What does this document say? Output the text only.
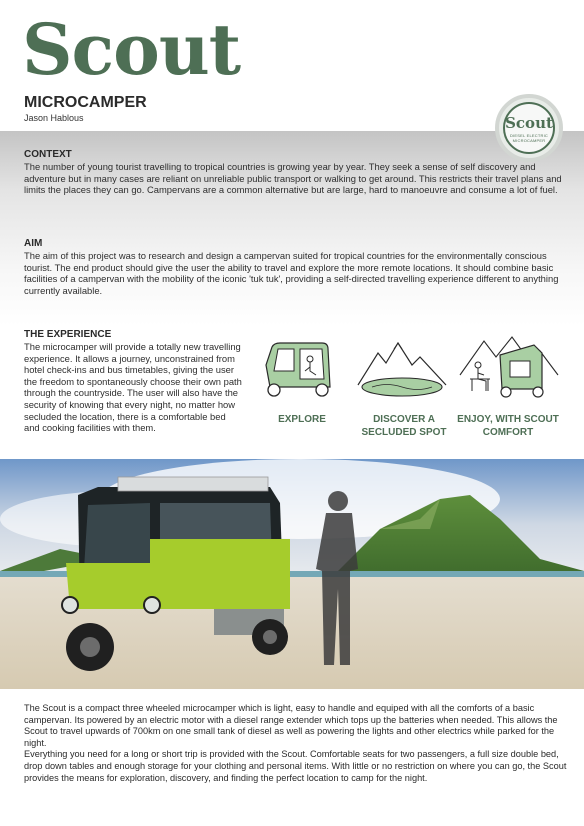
Scout
MICROCAMPER
Jason Hablous	Scout
DIESEL ELECTRIC MICROCAMPER
CONTEXT

The number of young tourist travelling to tropical countries is growing year by year. They seek a sense of self discovery and adventure but in many cases are reliant on unreliable public transport or walking to get around. This restricts their travel plans and limits the places they can go. Campervans are a common alternative but are large, hard to manoeuvre and consume a lot of fuel.

AIM

The aim of this project was to research and design a campervan suited for tropical countries for the environmentally conscious tourist. The end product should give the user the ability to travel and explore the more remote locations. It should combine basic facilities of a campervan with the mobility of the iconic 'tuk tuk', providing a self-directed travelling experience different to anything currently available.

THE EXPERIENCE

The microcamper will provide a totally new travelling experience. It allows a journey, unconstrained from hotel check-ins and bus timetables, giving the user the freedom to spontaneously choose their own path through the countryside. The user will also have the security of knowing that every night, no matter how secluded the location, there is a comfortable bed and cooking facilities with them.

EXPLORE	DISCOVER A SECLUDED SPOT
ENJOY, WITH SCOUT COMFORT

The Scout is a compact three wheeled microcamper which is light, easy to handle and equiped with all the comforts of a basic campervan. Its powered by an electric motor with a diesel range extender which tops up the batteries when needed. This allows the Scout to travel upwards of 700km on one small tank of diesel as well as powering the lights and other electrics while parked for the night.

Everything you need for a long or short trip is provided with the Scout. Comfortable seats for two passengers, a full size double bed, drop down tables and enough storage for your clothing and personal items. With little or no restriction on where you can go, the Scout provides the means for exploration, discovery, and finding the perfect location to camp for the night.
